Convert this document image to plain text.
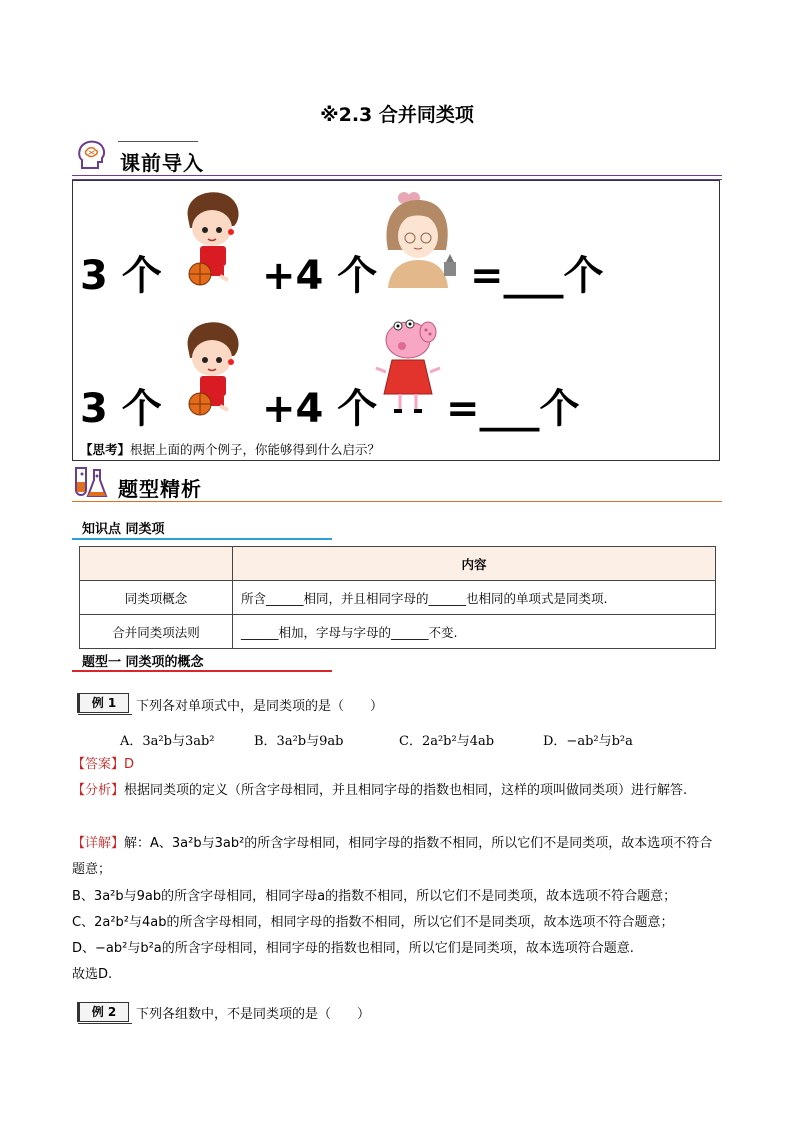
※2.3 合并同类项
课前导入
3 个	+4 个 =___个
3 个	+4 个 =___个
【思考】根据上面的两个例子，你能够得到什么启示？
题型精析
知识点 同类项
	内容
同类项概念	所含______相同，并且相同字母的______也相同的单项式是同类项.
合并同类项法则	______相加，字母与字母的______不变.
题型一 同类项的概念
例 1	下列各对单项式中，是同类项的是（　　）
A．3a²b与3ab²	B．3a²b与9ab	C．2a²b²与4ab	D．−ab²与b²a
【答案】D
【分析】根据同类项的定义（所含字母相同，并且相同字母的指数也相同，这样的项叫做同类项）进行解答.
【详解】解：A、3a²b与3ab²的所含字母相同，相同字母的指数不相同，所以它们不是同类项，故本选项不符合题意；
B、3a²b与9ab的所含字母相同，相同字母a的指数不相同，所以它们不是同类项，故本选项不符合题意；
C、2a²b²与4ab的所含字母相同，相同字母的指数不相同，所以它们不是同类项，故本选项不符合题意；
D、−ab²与b²a的所含字母相同，相同字母的指数也相同，所以它们是同类项，故本选项符合题意.
故选D.
例 2	下列各组数中，不是同类项的是（　　）
